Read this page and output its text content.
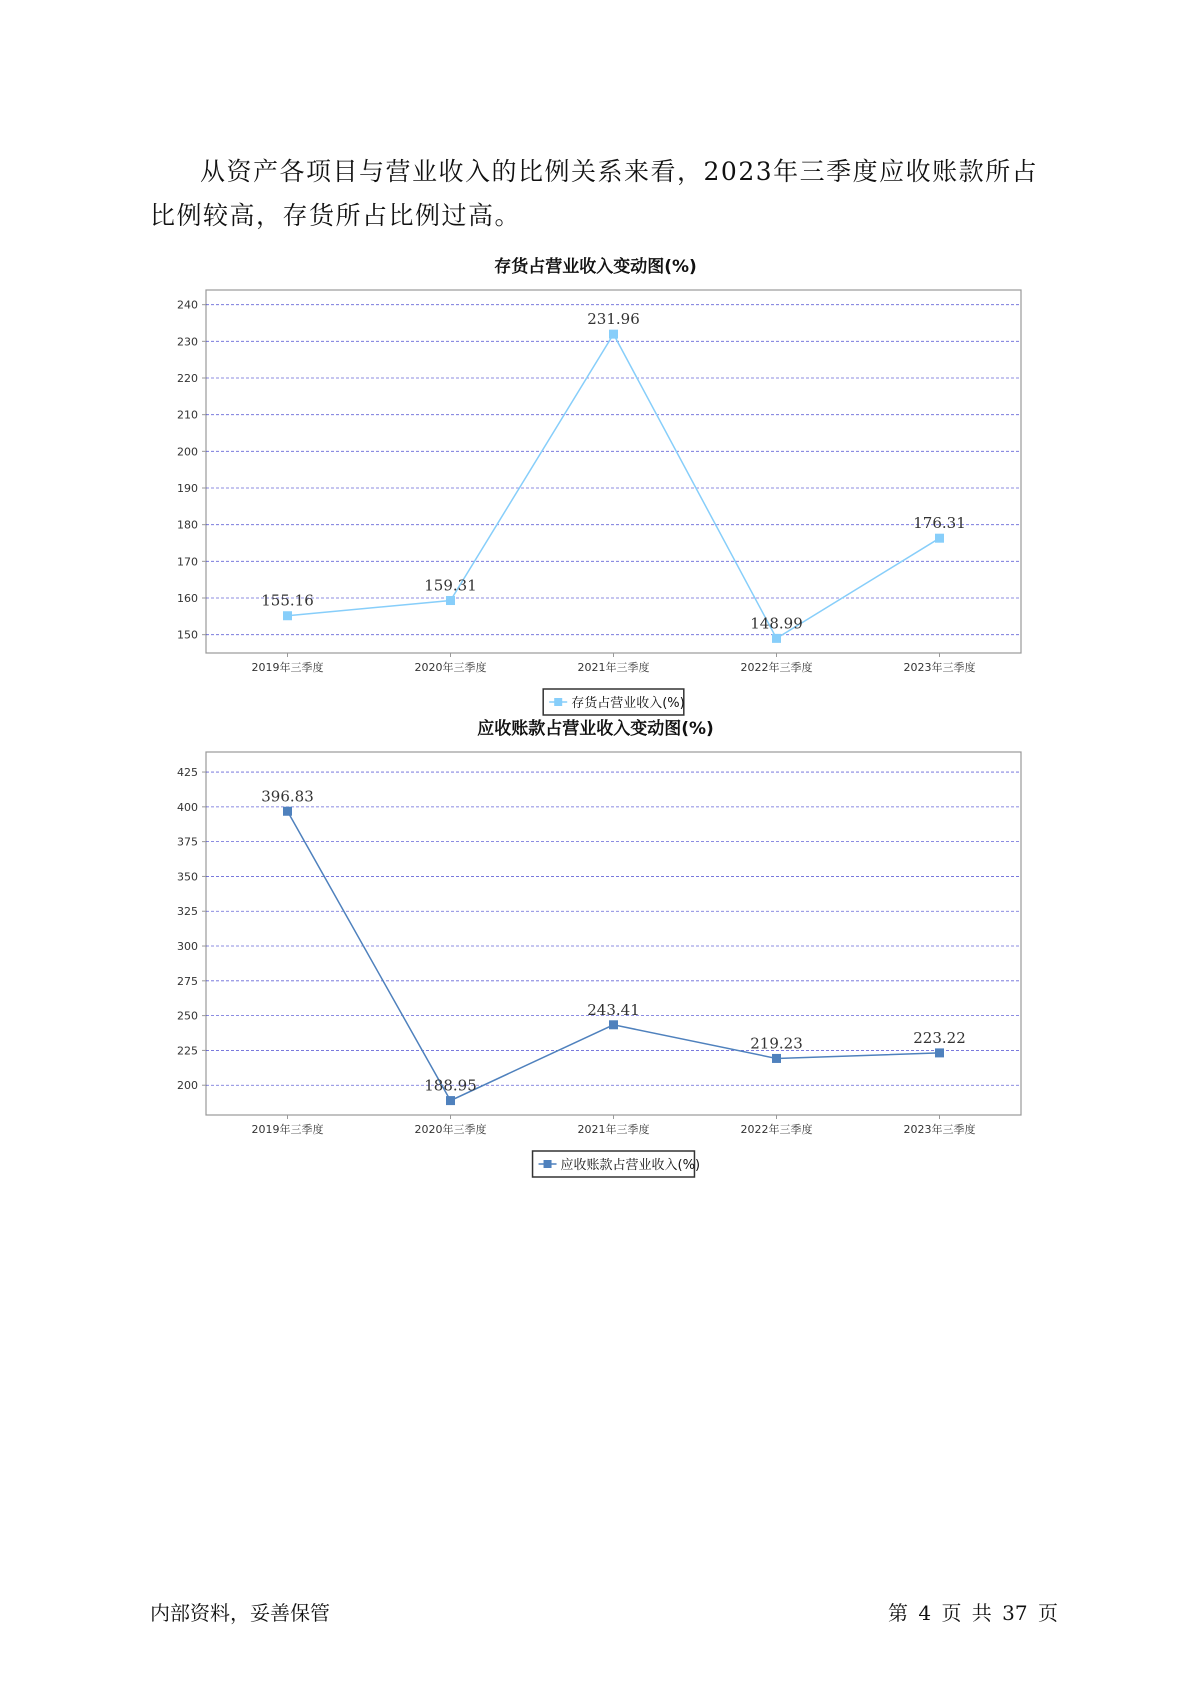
从资产各项目与营业收入的比例关系来看，2023年三季度应收账款所占比例较高，存货所占比例过高。

存货占营业收入变动图(%)
150
160
170
180
190
200
210
220
230
240
2019年三季度	2020年三季度	2021年三季度	2022年三季度	2023年三季度
155.16
159.31
231.96
148.99
176.31
存货占营业收入(%)
应收账款占营业收入变动图(%)
200
225
250
275
300
325
350
375
400
425
2019年三季度	2020年三季度	2021年三季度	2022年三季度	2023年三季度
396.83
188.95
243.41
219.23	223.22
应收账款占营业收入(%)
内部资料，妥善保管	第 4 页 共 37 页
